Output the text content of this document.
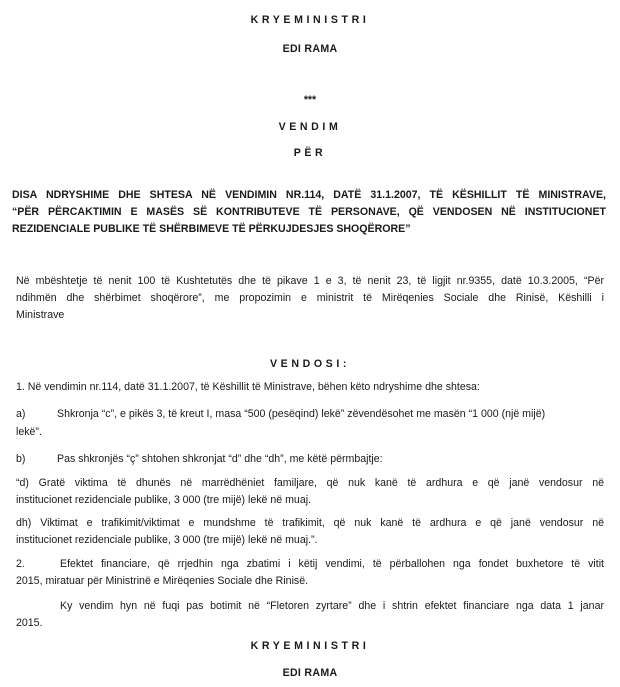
KRYEMINISTRI
EDI RAMA
***
VENDIM
PËR
DISA NDRYSHIME DHE SHTESA NË VENDIMIN NR.114, DATË 31.1.2007, TË KËSHILLIT TË MINISTRAVE,
“PËR PËRCAKTIMIN E MASËS SË KONTRIBUTEVE TË PERSONAVE, QË VENDOSEN NË INSTITUCIONET
REZIDENCIALE PUBLIKE TË SHËRBIMEVE TË PËRKUJDESJES SHOQËRORE”
Në mbështetje të nenit 100 të Kushtetutës dhe të pikave 1 e 3, të nenit 23, të ligjit nr.9355, datë 10.3.2005, “Për
ndihmën dhe shërbimet shoqërore”, me propozimin e ministrit të Mirëqenies Sociale dhe Rinisë, Këshilli i
Ministrave
VENDOSI:
1. Në vendimin nr.114, datë 31.1.2007, të Këshillit të Ministrave, bëhen këto ndryshime dhe shtesa:
a)	Shkronja “c”, e pikës 3, të kreut I, masa “500 (pesëqind) lekë” zëvendësohet me masën “1 000 (një mijë)
lekë”.
b)	Pas shkronjës “ç” shtohen shkronjat “d” dhe “dh”, me këtë përmbajtje:
“d) Gratë viktima të dhunës në marrëdhëniet familjare, që nuk kanë të ardhura e që janë vendosur në
institucionet rezidenciale publike, 3 000 (tre mijë) lekë në muaj.
dh) Viktimat e trafikimit/viktimat e mundshme të trafikimit, që nuk kanë të ardhura e që janë vendosur në
institucionet rezidenciale publike, 3 000 (tre mijë) lekë në muaj.”.
2.	Efektet financiare, që rrjedhin nga zbatimi i këtij vendimi, të përballohen nga fondet buxhetore të vitit
2015, miratuar për Ministrinë e Mirëqenies Sociale dhe Rinisë.
Ky vendim hyn në fuqi pas botimit në “Fletoren zyrtare” dhe i shtrin efektet financiare nga data 1 janar
2015.
KRYEMINISTRI
EDI RAMA
